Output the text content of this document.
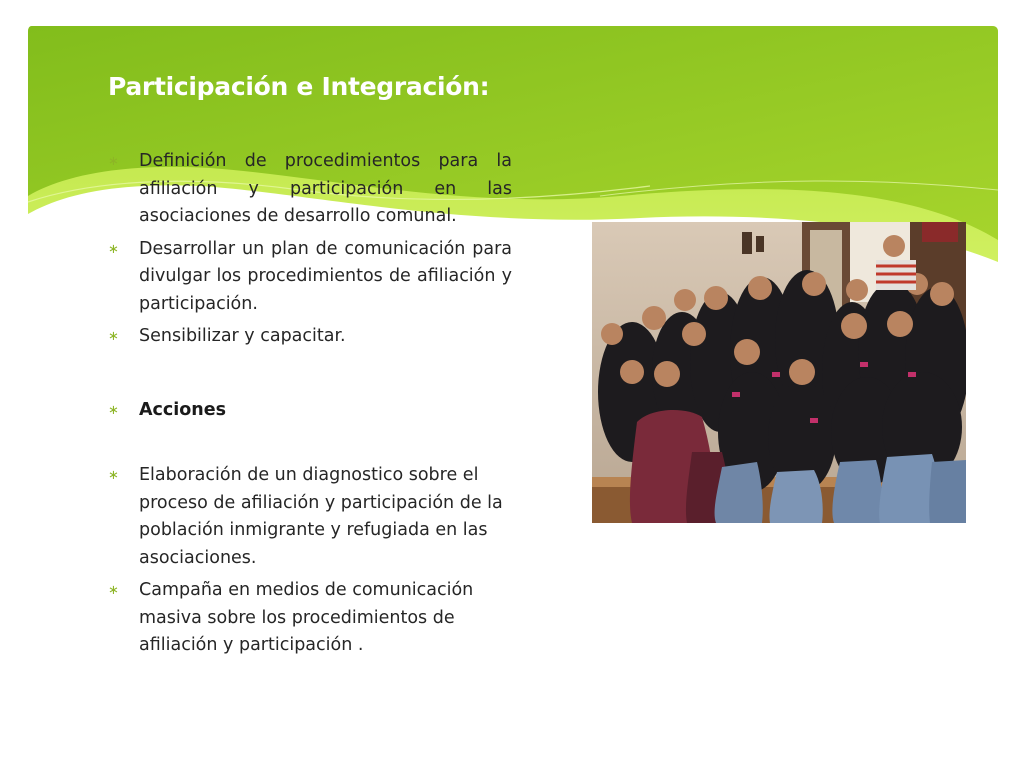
Participación e Integración:
∗ Definición de procedimientos para la afiliación y participación en las asociaciones de desarrollo comunal.
∗ Desarrollar un plan de comunicación para divulgar los procedimientos de afiliación y participación.
∗ Sensibilizar y capacitar.
∗ Acciones
∗ Elaboración de un diagnostico sobre el proceso de afiliación y participación de la población inmigrante y refugiada en las asociaciones.
∗ Campaña en medios de comunicación masiva sobre los procedimientos de afiliación y participación .
